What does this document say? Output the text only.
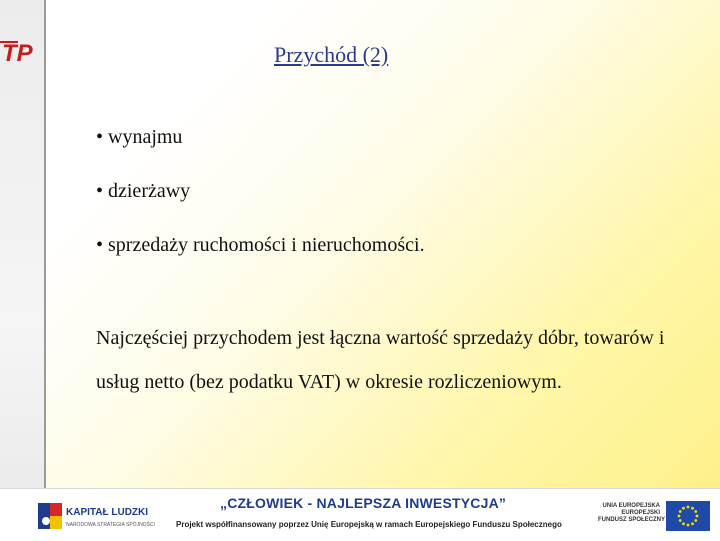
TP	Przychód (2)
• wynajmu
• dzierżawy
• sprzedaży ruchomości i nieruchomości.
Najczęściej przychodem jest łączna wartość sprzedaży dóbr, towarów i usług netto (bez podatku VAT) w okresie rozliczeniowym.
KAPITAŁ LUDZKI
NARODOWA STRATEGIA SPÓJNOŚCI
„CZŁOWIEK - NAJLEPSZA INWESTYCJA”
Projekt współfinansowany poprzez Unię Europejską w ramach Europejskiego Funduszu Społecznego
UNIA EUROPEJSKA
EUROPEJSKI
FUNDUSZ SPOŁECZNY
